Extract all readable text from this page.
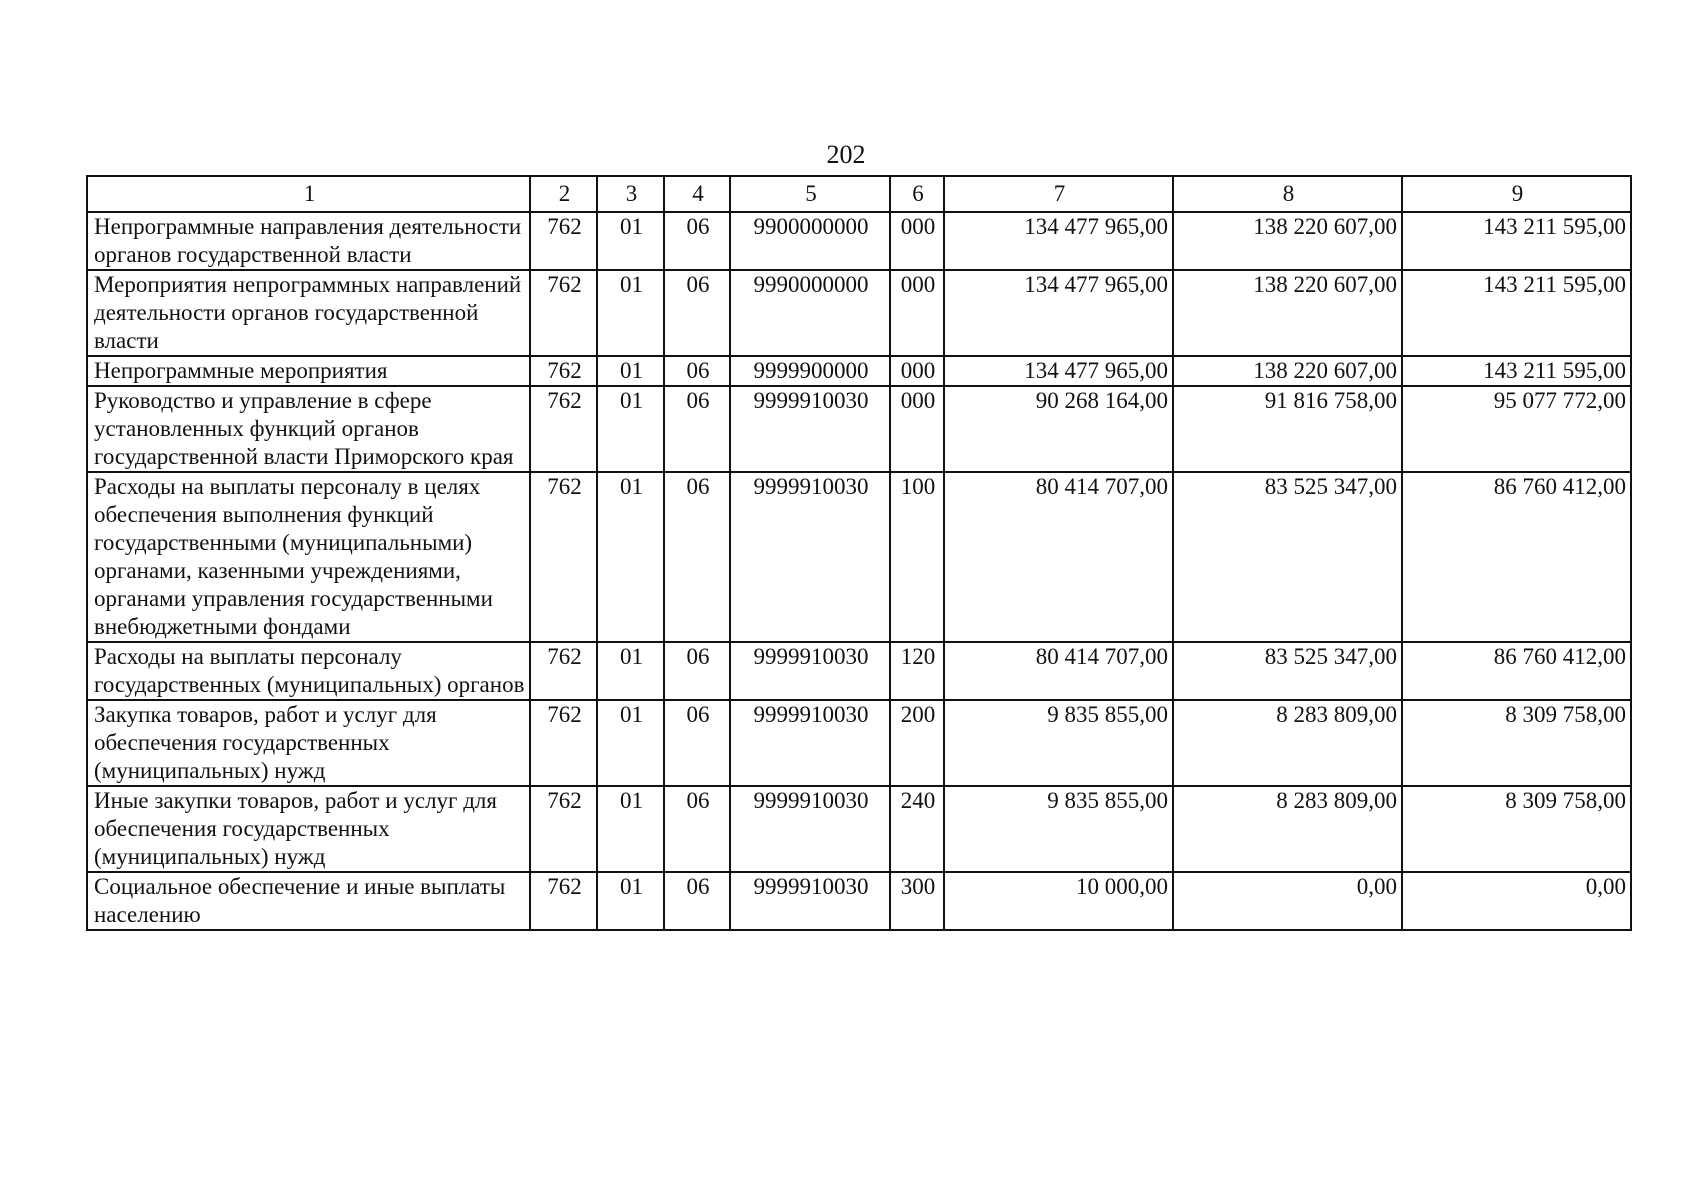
202
1	2	3	4	5	6	7	8	9
Непрограммные направления деятельности органов государственной власти	762	01	06	9900000000	000	134 477 965,00	138 220 607,00	143 211 595,00
Мероприятия непрограммных направлений деятельности органов государственной власти	762	01	06	9990000000	000	134 477 965,00	138 220 607,00	143 211 595,00
Непрограммные мероприятия	762	01	06	9999900000	000	134 477 965,00	138 220 607,00	143 211 595,00
Руководство и управление в сфере установленных функций органов государственной власти Приморского края	762	01	06	9999910030	000	90 268 164,00	91 816 758,00	95 077 772,00
Расходы на выплаты персоналу в целях обеспечения выполнения функций государственными (муниципальными) органами, казенными учреждениями, органами управления государственными внебюджетными фондами	762	01	06	9999910030	100	80 414 707,00	83 525 347,00	86 760 412,00
Расходы на выплаты персоналу государственных (муниципальных) органов	762	01	06	9999910030	120	80 414 707,00	83 525 347,00	86 760 412,00
Закупка товаров, работ и услуг для обеспечения государственных (муниципальных) нужд	762	01	06	9999910030	200	9 835 855,00	8 283 809,00	8 309 758,00
Иные закупки товаров, работ и услуг для обеспечения государственных (муниципальных) нужд	762	01	06	9999910030	240	9 835 855,00	8 283 809,00	8 309 758,00
Социальное обеспечение и иные выплаты населению	762	01	06	9999910030	300	10 000,00	0,00	0,00
